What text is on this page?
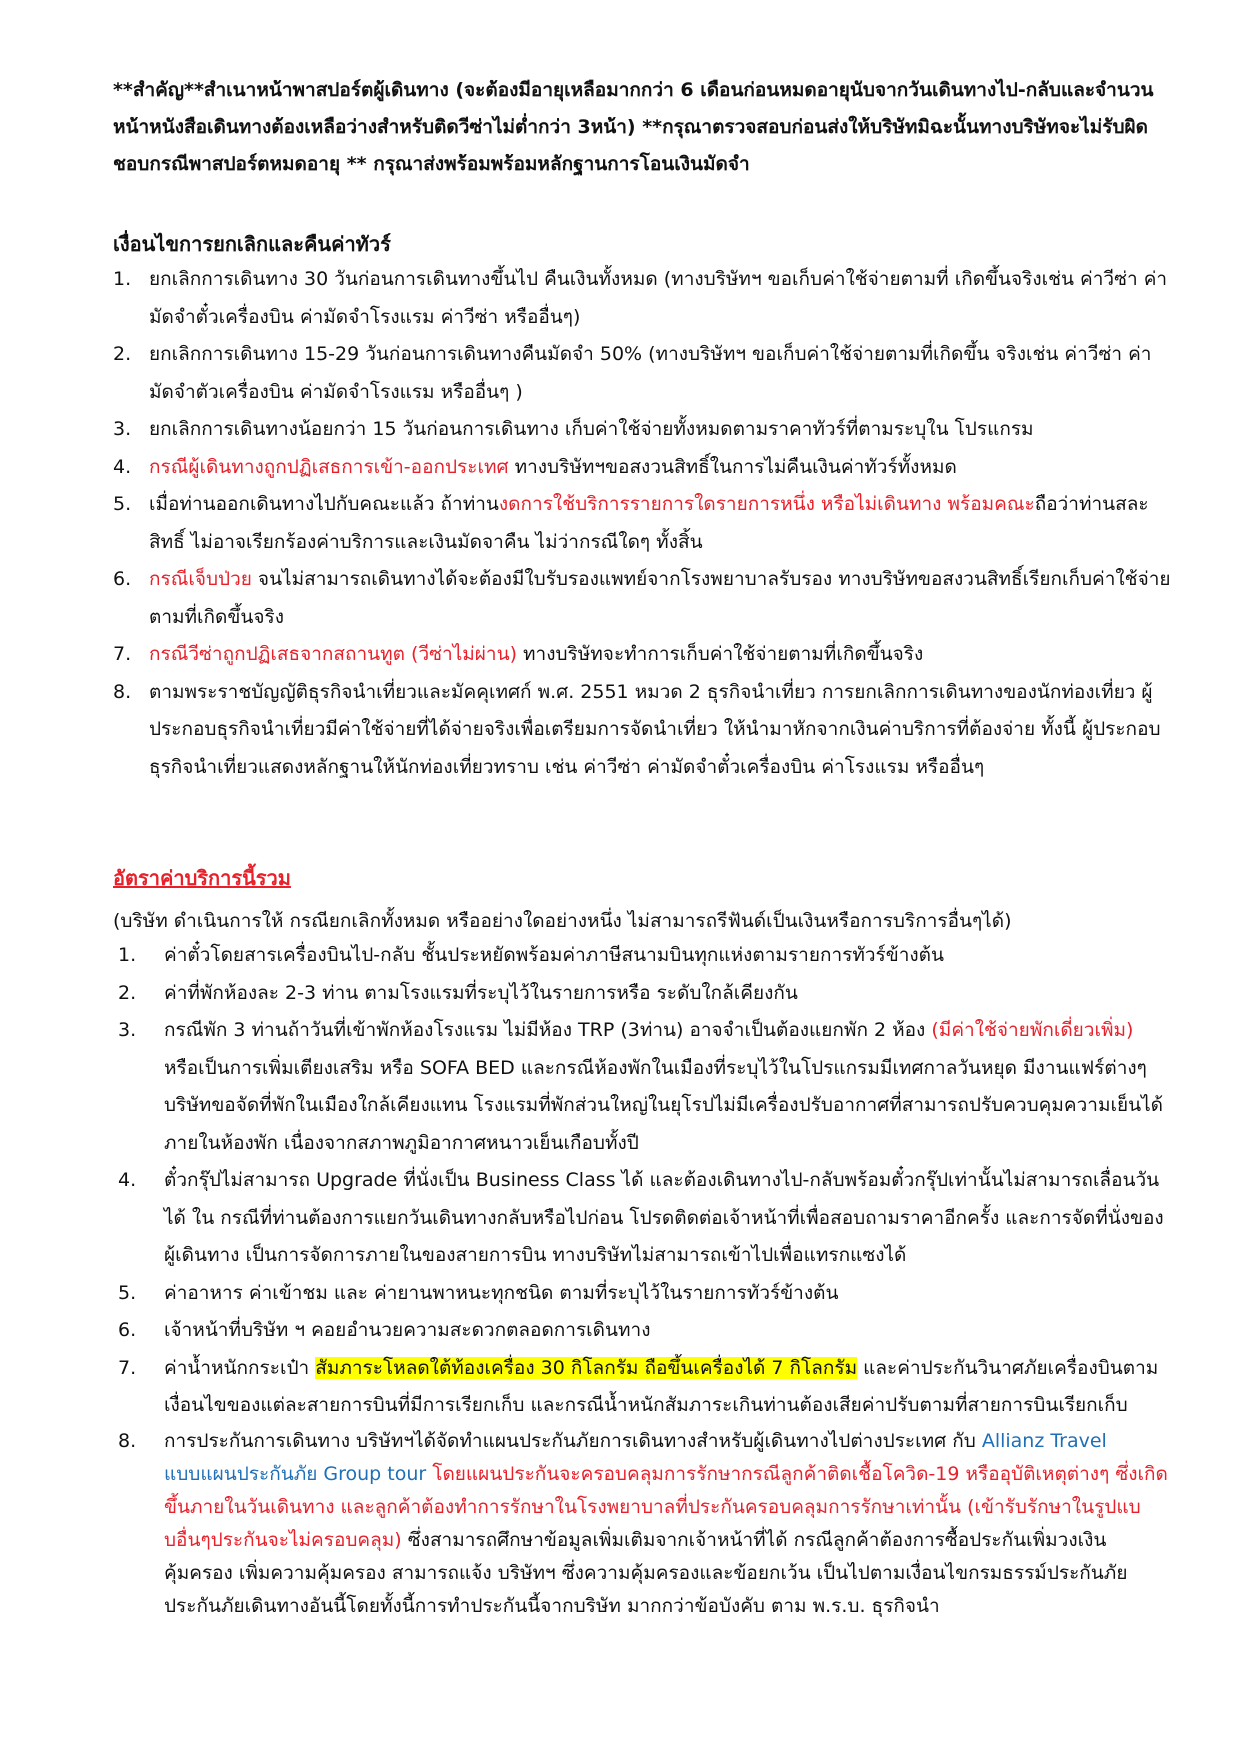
**สำคัญ**สำเนาหน้าพาสปอร์ตผู้เดินทาง (จะต้องมีอายุเหลือมากกว่า 6 เดือนก่อนหมดอายุนับจากวันเดินทางไป-กลับและจำนวนหน้าหนังสือเดินทางต้องเหลือว่างสำหรับติดวีซ่าไม่ต่ำกว่า 3หน้า) **กรุณาตรวจสอบก่อนส่งให้บริษัทมิฉะนั้นทางบริษัทจะไม่รับผิดชอบกรณีพาสปอร์ตหมดอายุ ** กรุณาส่งพร้อมพร้อมหลักฐานการโอนเงินมัดจำ

เงื่อนไขการยกเลิกและคืนค่าทัวร์
1. ยกเลิกการเดินทาง 30 วันก่อนการเดินทางขึ้นไป คืนเงินทั้งหมด (ทางบริษัทฯ ขอเก็บค่าใช้จ่ายตามที่ เกิดขึ้นจริงเช่น ค่าวีซ่า ค่ามัดจำตั๋วเครื่องบิน ค่ามัดจำโรงแรม ค่าวีซ่า หรืออื่นๆ)
2. ยกเลิกการเดินทาง 15-29 วันก่อนการเดินทางคืนมัดจำ 50% (ทางบริษัทฯ ขอเก็บค่าใช้จ่ายตามที่เกิดขึ้น จริงเช่น ค่าวีซ่า ค่ามัดจำตัวเครื่องบิน ค่ามัดจำโรงแรม หรืออื่นๆ )
3. ยกเลิกการเดินทางน้อยกว่า 15 วันก่อนการเดินทาง เก็บค่าใช้จ่ายทั้งหมดตามราคาทัวร์ที่ตามระบุใน โปรแกรม
4. กรณีผู้เดินทางถูกปฏิเสธการเข้า-ออกประเทศ ทางบริษัทฯขอสงวนสิทธิ์ในการไม่คืนเงินค่าทัวร์ทั้งหมด
5. เมื่อท่านออกเดินทางไปกับคณะแล้ว ถ้าท่านงดการใช้บริการรายการใดรายการหนึ่ง หรือไม่เดินทาง พร้อมคณะถือว่าท่านสละสิทธิ์ ไม่อาจเรียกร้องค่าบริการและเงินมัดจาคืน ไม่ว่ากรณีใดๆ ทั้งสิ้น
6. กรณีเจ็บป่วย จนไม่สามารถเดินทางได้จะต้องมีใบรับรองแพทย์จากโรงพยาบาลรับรอง ทางบริษัทขอสงวนสิทธิ์เรียกเก็บค่าใช้จ่ายตามที่เกิดขึ้นจริง
7. กรณีวีซ่าถูกปฏิเสธจากสถานทูต (วีซ่าไม่ผ่าน) ทางบริษัทจะทำการเก็บค่าใช้จ่ายตามที่เกิดขึ้นจริง
8. ตามพระราชบัญญัติธุรกิจนำเที่ยวและมัคคุเทศก์ พ.ศ. 2551 หมวด 2 ธุรกิจนำเที่ยว การยกเลิกการเดินทางของนักท่องเที่ยว ผู้ประกอบธุรกิจนำเที่ยวมีค่าใช้จ่ายที่ได้จ่ายจริงเพื่อเตรียมการจัดนำเที่ยว ให้นำมาหักจากเงินค่าบริการที่ต้องจ่าย ทั้งนี้ ผู้ประกอบธุรกิจนำเที่ยวแสดงหลักฐานให้นักท่องเที่ยวทราบ เช่น ค่าวีซ่า ค่ามัดจำตั๋วเครื่องบิน ค่าโรงแรม หรืออื่นๆ
อัตราค่าบริการนี้รวม

(บริษัท ดำเนินการให้ กรณียกเลิกทั้งหมด หรืออย่างใดอย่างหนึ่ง ไม่สามารถรีฟันด์เป็นเงินหรือการบริการอื่นๆได้)

1. ค่าตั๋วโดยสารเครื่องบินไป-กลับ ชั้นประหยัดพร้อมค่าภาษีสนามบินทุกแห่งตามรายการทัวร์ข้างต้น
2. ค่าที่พักห้องละ 2-3 ท่าน ตามโรงแรมที่ระบุไว้ในรายการหรือ ระดับใกล้เคียงกัน
3. กรณีพัก 3 ท่านถ้าวันที่เข้าพักห้องโรงแรม ไม่มีห้อง TRP (3ท่าน) อาจจำเป็นต้องแยกพัก 2 ห้อง (มีค่าใช้จ่ายพักเดี่ยวเพิ่ม) หรือเป็นการเพิ่มเตียงเสริม หรือ SOFA BED และกรณีห้องพักในเมืองที่ระบุไว้ในโปรแกรมมีเทศกาลวันหยุด มีงานแฟร์ต่างๆ บริษัทขอจัดที่พักในเมืองใกล้เคียงแทน โรงแรมที่พักส่วนใหญ่ในยุโรปไม่มีเครื่องปรับอากาศที่สามารถปรับควบคุมความเย็นได้ภายในห้องพัก เนื่องจากสภาพภูมิอากาศหนาวเย็นเกือบทั้งปี
4. ตั๋วกรุ๊ปไม่สามารถ Upgrade ที่นั่งเป็น Business Class ได้ และต้องเดินทางไป-กลับพร้อมตั๋วกรุ๊ปเท่านั้นไม่สามารถเลื่อนวันได้ ใน กรณีที่ท่านต้องการแยกวันเดินทางกลับหรือไปก่อน โปรดติดต่อเจ้าหน้าที่เพื่อสอบถามราคาอีกครั้ง และการจัดที่นั่งของผู้เดินทาง เป็นการจัดการภายในของสายการบิน ทางบริษัทไม่สามารถเข้าไปเพื่อแทรกแซงได้
5. ค่าอาหาร ค่าเข้าชม และ ค่ายานพาหนะทุกชนิด ตามที่ระบุไว้ในรายการทัวร์ข้างต้น
6. เจ้าหน้าที่บริษัท ฯ คอยอำนวยความสะดวกตลอดการเดินทาง
7. ค่าน้ำหนักกระเป๋า สัมภาระโหลดใต้ท้องเครื่อง 30 กิโลกรัม ถือขึ้นเครื่องได้ 7 กิโลกรัม และค่าประกันวินาศภัยเครื่องบินตามเงื่อนไขของแต่ละสายการบินที่มีการเรียกเก็บ และกรณีน้ำหนักสัมภาระเกินท่านต้องเสียค่าปรับตามที่สายการบินเรียกเก็บ
8. การประกันการเดินทาง บริษัทฯได้จัดทำแผนประกันภัยการเดินทางสำหรับผู้เดินทางไปต่างประเทศ กับ Allianz Travel แบบแผนประกันภัย Group tour โดยแผนประกันจะครอบคลุมการรักษากรณีลูกค้าติดเชื้อโควิด-19 หรืออุบัติเหตุต่างๆ ซึ่งเกิดขึ้นภายในวันเดินทาง และลูกค้าต้องทำการรักษาในโรงพยาบาลที่ประกันครอบคลุมการรักษาเท่านั้น (เข้ารับรักษาในรูปแบบอื่นๆประกันจะไม่ครอบคลุม) ซึ่งสามารถศึกษาข้อมูลเพิ่มเติมจากเจ้าหน้าที่ได้ กรณีลูกค้าต้องการซื้อประกันเพิ่มวงเงินคุ้มครอง เพิ่มความคุ้มครอง สามารถแจ้ง บริษัทฯ ซึ่งความคุ้มครองและข้อยกเว้น เป็นไปตามเงื่อนไขกรมธรรม์ประกันภัย ประกันภัยเดินทางอันนี้โดยทั้งนี้การทำประกันนี้จากบริษัท มากกว่าข้อบังคับ ตาม พ.ร.บ. ธุรกิจนำ
